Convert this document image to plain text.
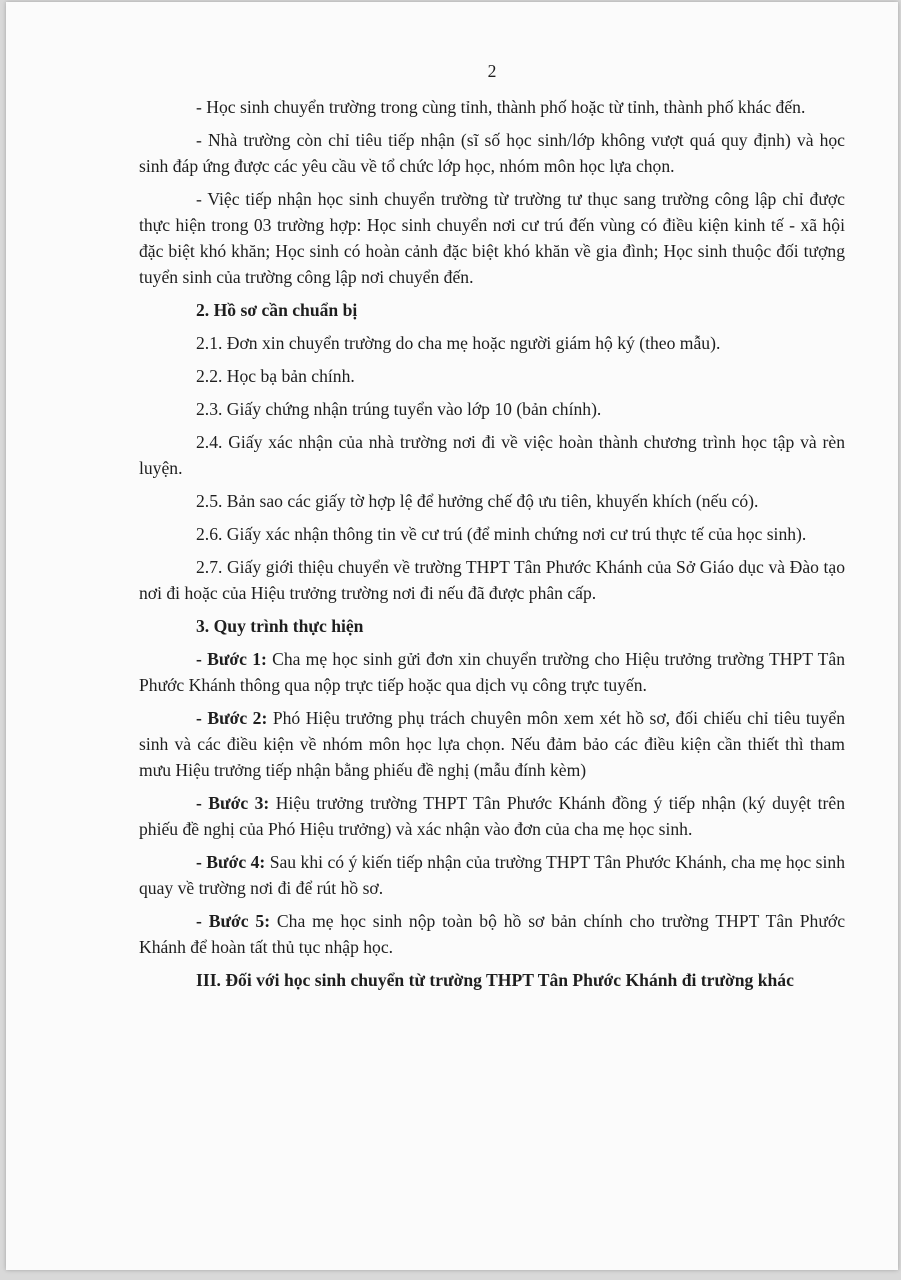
2

- Học sinh chuyển trường trong cùng tỉnh, thành phố hoặc từ tỉnh, thành phố khác đến.

- Nhà trường còn chỉ tiêu tiếp nhận (sĩ số học sinh/lớp không vượt quá quy định) và học sinh đáp ứng được các yêu cầu về tổ chức lớp học, nhóm môn học lựa chọn.

- Việc tiếp nhận học sinh chuyển trường từ trường tư thục sang trường công lập chỉ được thực hiện trong 03 trường hợp: Học sinh chuyển nơi cư trú đến vùng có điều kiện kinh tế - xã hội đặc biệt khó khăn; Học sinh có hoàn cảnh đặc biệt khó khăn về gia đình; Học sinh thuộc đối tượng tuyển sinh của trường công lập nơi chuyển đến.

2. Hồ sơ cần chuẩn bị

2.1. Đơn xin chuyển trường do cha mẹ hoặc người giám hộ ký (theo mẫu).

2.2. Học bạ bản chính.

2.3. Giấy chứng nhận trúng tuyển vào lớp 10 (bản chính).

2.4. Giấy xác nhận của nhà trường nơi đi về việc hoàn thành chương trình học tập và rèn luyện.

2.5. Bản sao các giấy tờ hợp lệ để hưởng chế độ ưu tiên, khuyến khích (nếu có).

2.6. Giấy xác nhận thông tin về cư trú (để minh chứng nơi cư trú thực tế của học sinh).

2.7. Giấy giới thiệu chuyển về trường THPT Tân Phước Khánh của Sở Giáo dục và Đào tạo nơi đi hoặc của Hiệu trưởng trường nơi đi nếu đã được phân cấp.

3. Quy trình thực hiện

- Bước 1: Cha mẹ học sinh gửi đơn xin chuyển trường cho Hiệu trưởng trường THPT Tân Phước Khánh thông qua nộp trực tiếp hoặc qua dịch vụ công trực tuyến.

- Bước 2: Phó Hiệu trưởng phụ trách chuyên môn xem xét hồ sơ, đối chiếu chỉ tiêu tuyển sinh và các điều kiện về nhóm môn học lựa chọn. Nếu đảm bảo các điều kiện cần thiết thì tham mưu Hiệu trưởng tiếp nhận bằng phiếu đề nghị (mẫu đính kèm)

- Bước 3: Hiệu trưởng trường THPT Tân Phước Khánh đồng ý tiếp nhận (ký duyệt trên phiếu đề nghị của Phó Hiệu trưởng) và xác nhận vào đơn của cha mẹ học sinh.

- Bước 4: Sau khi có ý kiến tiếp nhận của trường THPT Tân Phước Khánh, cha mẹ học sinh quay về trường nơi đi để rút hồ sơ.

- Bước 5: Cha mẹ học sinh nộp toàn bộ hồ sơ bản chính cho trường THPT Tân Phước Khánh để hoàn tất thủ tục nhập học.

III. Đối với học sinh chuyển từ trường THPT Tân Phước Khánh đi trường khác
